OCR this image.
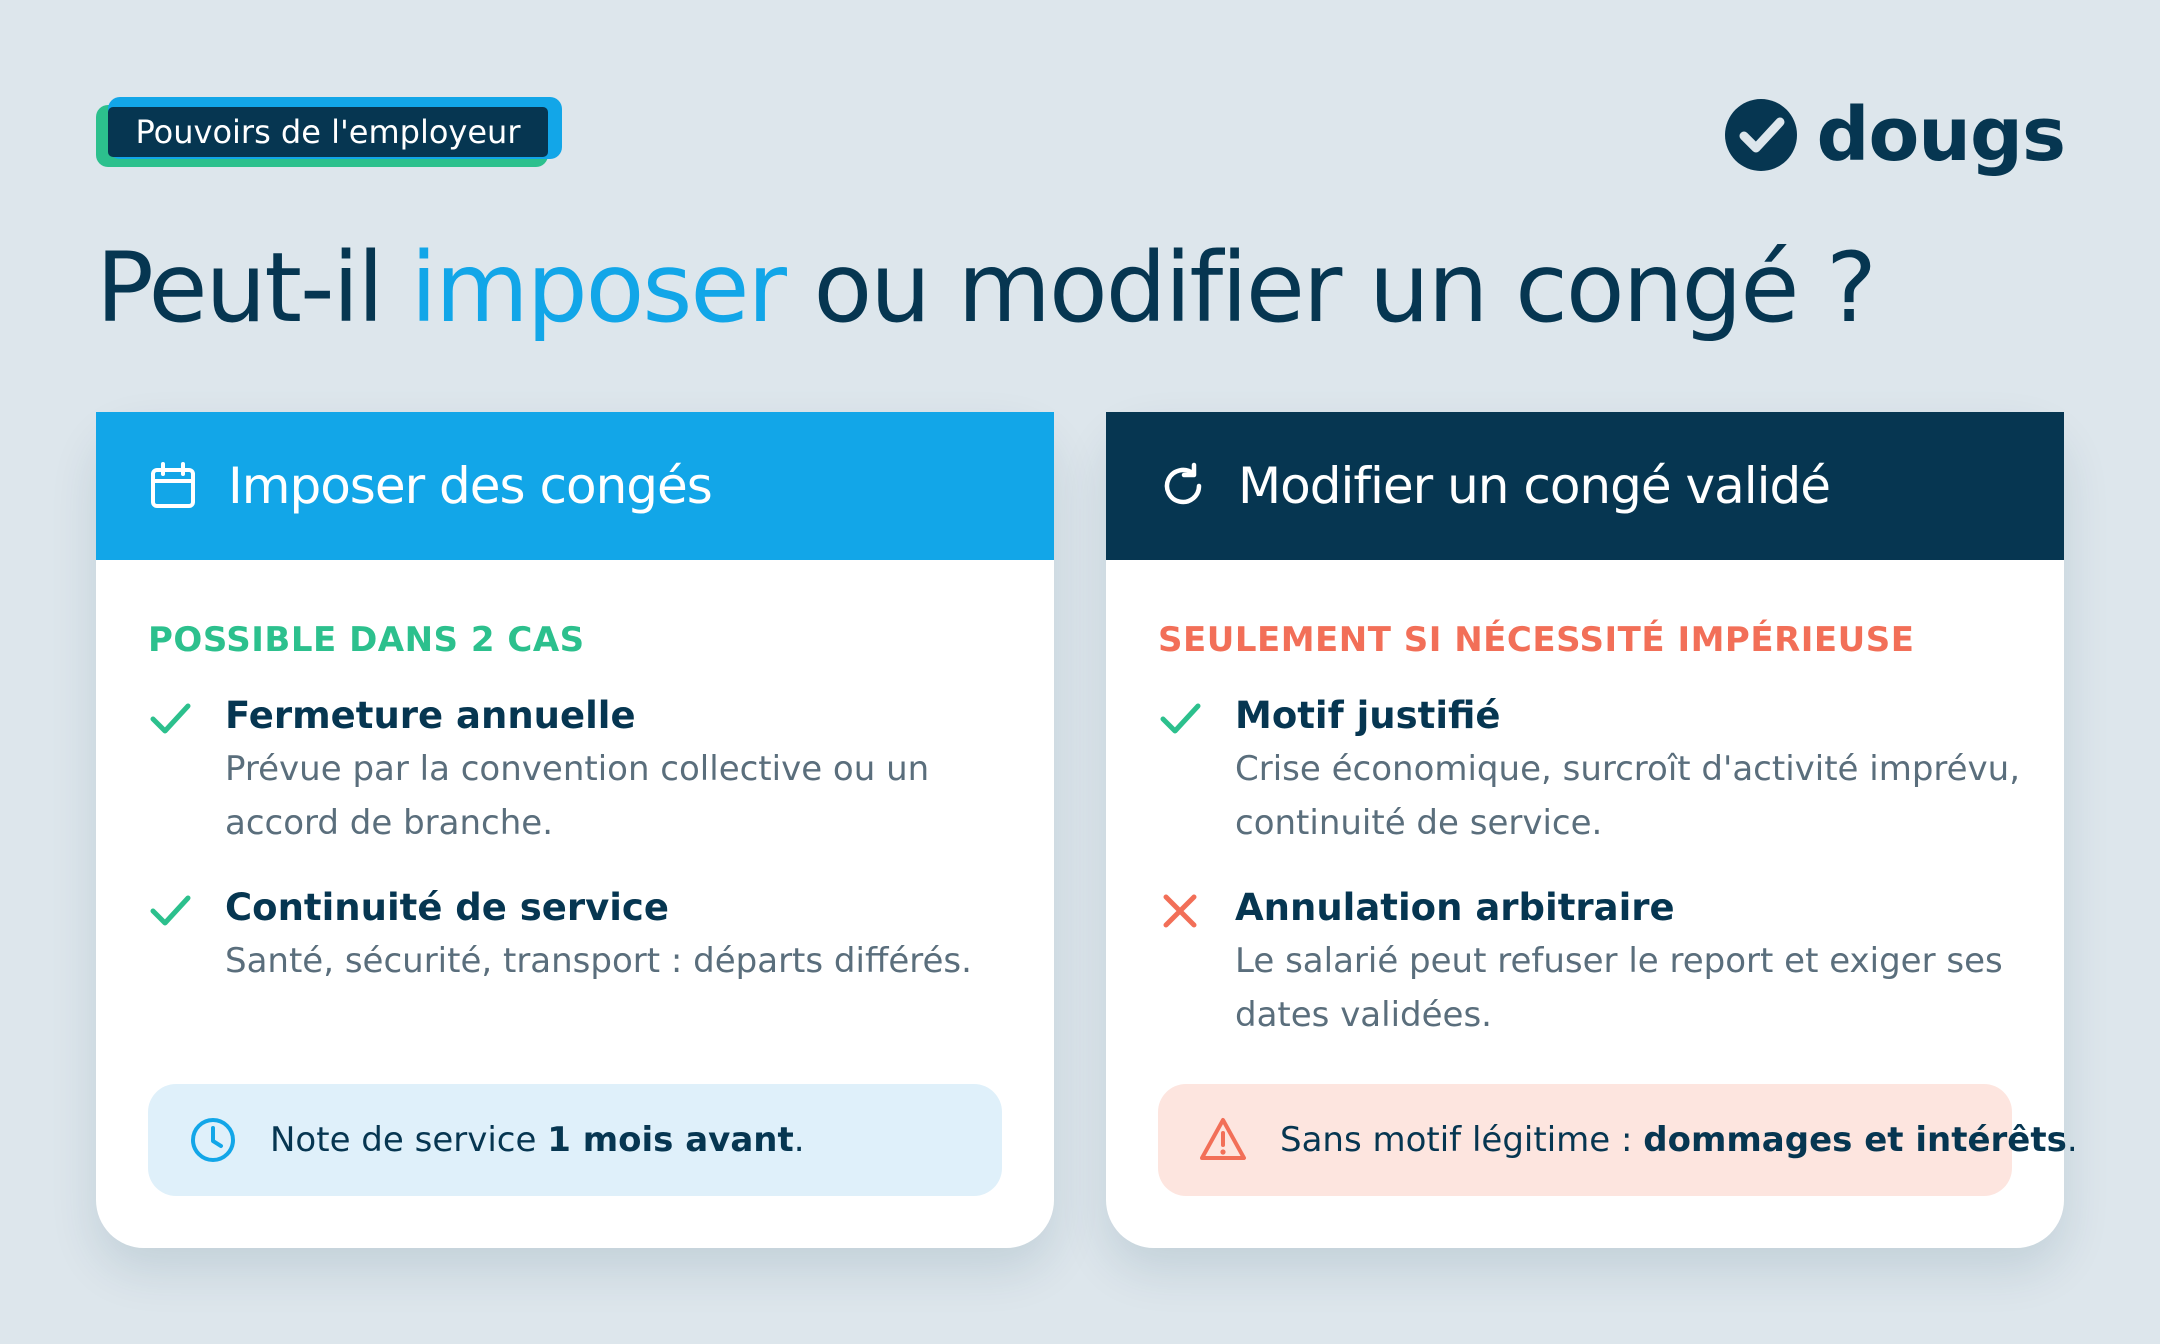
Pouvoirs de l'employeur	dougs
Peut-il imposer ou modifier un congé ?
Imposer des congés
POSSIBLE DANS 2 CAS
Fermeture annuelle
Prévue par la convention collective ou un
accord de branche.
Continuité de service
Santé, sécurité, transport : départs différés.
Note de service 1 mois avant.
Modifier un congé validé
SEULEMENT SI NÉCESSITÉ IMPÉRIEUSE
Motif justifié
Crise économique, surcroît d'activité imprévu,
continuité de service.
Annulation arbitraire
Le salarié peut refuser le report et exiger ses
dates validées.
Sans motif légitime : dommages et intérêts.
